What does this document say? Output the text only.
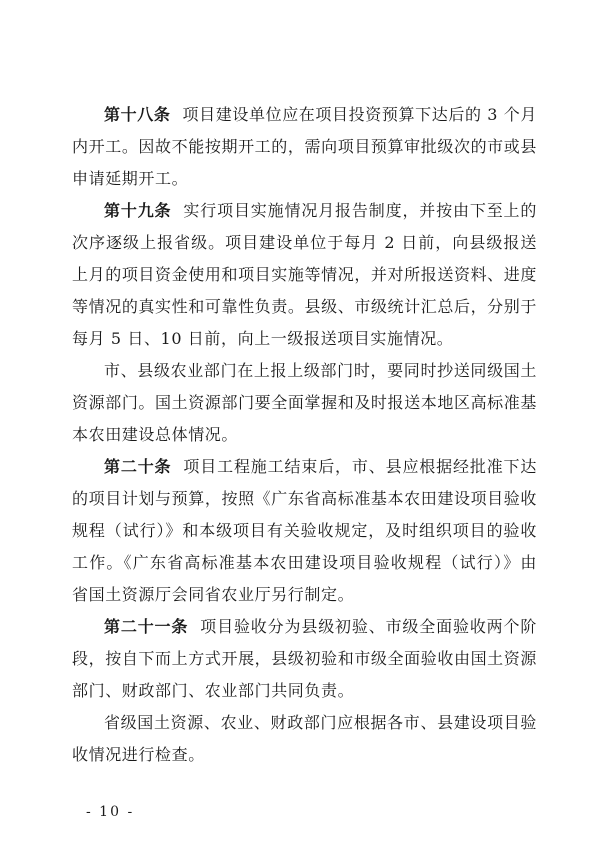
第十八条 项目建设单位应在项目投资预算下达后的 3 个月内开工。因故不能按期开工的，需向项目预算审批级次的市或县申请延期开工。

第十九条 实行项目实施情况月报告制度，并按由下至上的次序逐级上报省级。项目建设单位于每月 2 日前，向县级报送上月的项目资金使用和项目实施等情况，并对所报送资料、进度等情况的真实性和可靠性负责。县级、市级统计汇总后，分别于每月 5 日、10 日前，向上一级报送项目实施情况。

市、县级农业部门在上报上级部门时，要同时抄送同级国土资源部门。国土资源部门要全面掌握和及时报送本地区高标准基本农田建设总体情况。

第二十条 项目工程施工结束后，市、县应根据经批准下达的项目计划与预算，按照《广东省高标准基本农田建设项目验收规程（试行）》和本级项目有关验收规定，及时组织项目的验收工作。《广东省高标准基本农田建设项目验收规程（试行）》由省国土资源厅会同省农业厅另行制定。

第二十一条 项目验收分为县级初验、市级全面验收两个阶段，按自下而上方式开展，县级初验和市级全面验收由国土资源部门、财政部门、农业部门共同负责。

省级国土资源、农业、财政部门应根据各市、县建设项目验收情况进行检查。

- 10 -
